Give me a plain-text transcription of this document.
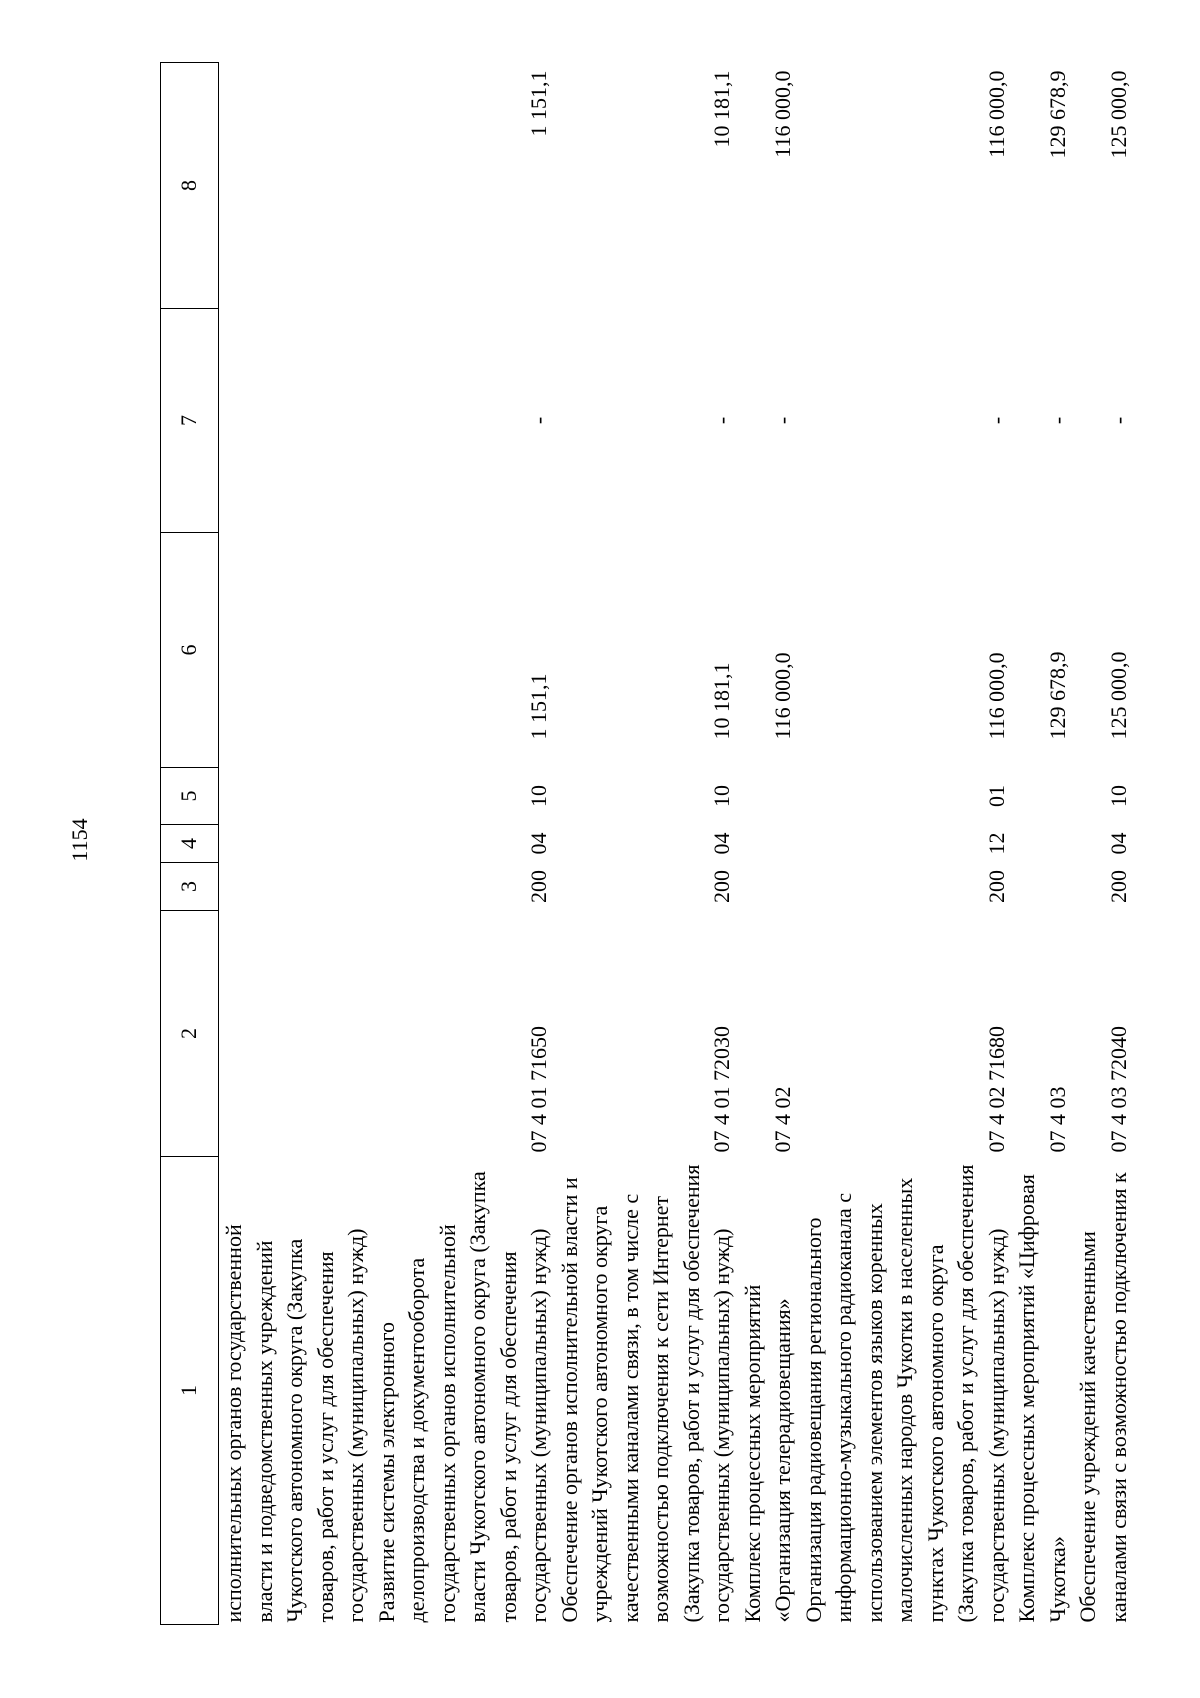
1154
1	2	3	4	5	6	7	8
исполнительных органов государственной власти и подведомственных учреждений Чукотского автономного округа (Закупка товаров, работ и услуг для обеспечения государственных (муниципальных) нужд)							
Развитие системы электронного делопроизводства и документооборота государственных органов исполнительной власти Чукотского автономного округа (Закупка товаров, работ и услуг для обеспечения государственных (муниципальных) нужд)	07 4 01 71650	200	04	10	1 151,1	-	1 151,1
Обеспечение органов исполнительной власти и учреждений Чукотского автономного округа качественными каналами связи, в том числе с возможностью подключения к сети Интернет (Закупка товаров, работ и услуг для обеспечения государственных (муниципальных) нужд)	07 4 01 72030	200	04	10	10 181,1	-	10 181,1
Комплекс процессных мероприятий «Организация телерадиовещания»	07 4 02				116 000,0	-	116 000,0
Организация радиовещания регионального информационно-музыкального радиоканала с использованием элементов языков коренных малочисленных народов Чукотки в населенных пунктах Чукотского автономного округа (Закупка товаров, работ и услуг для обеспечения государственных (муниципальных) нужд)	07 4 02 71680	200	12	01	116 000,0	-	116 000,0
Комплекс процессных мероприятий «Цифровая Чукотка»	07 4 03				129 678,9	-	129 678,9
Обеспечение учреждений качественными каналами связи с возможностью подключения к	07 4 03 72040	200	04	10	125 000,0	-	125 000,0
